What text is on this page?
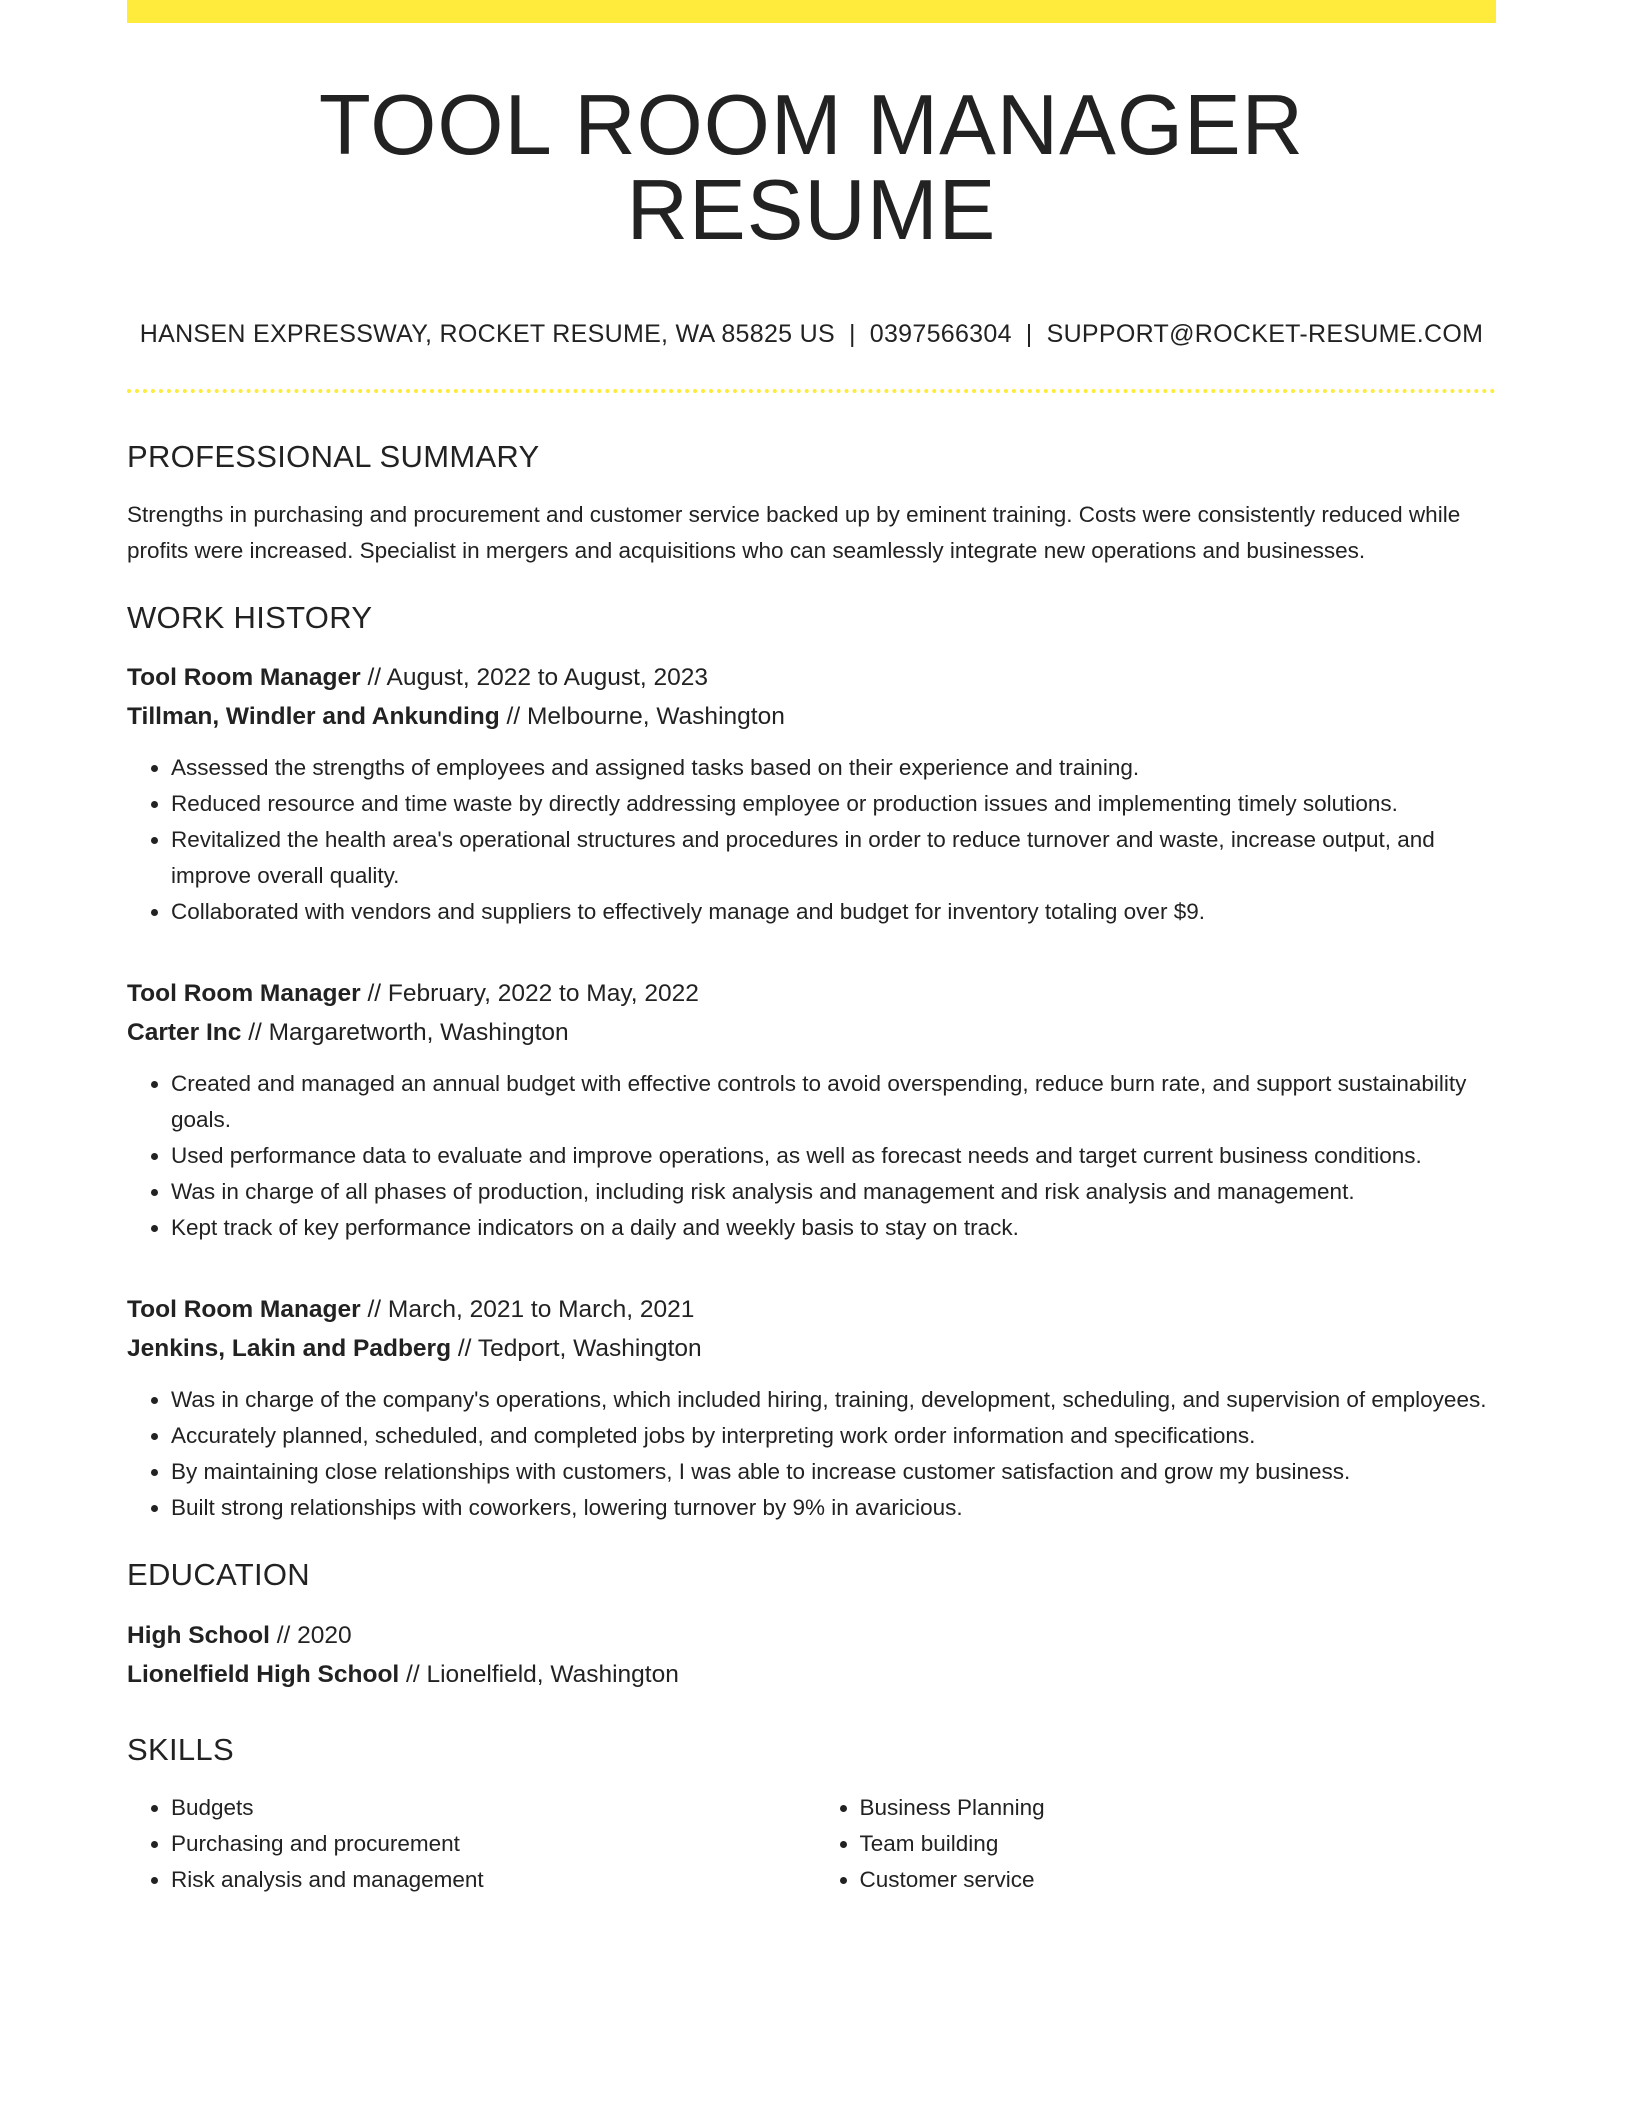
TOOL ROOM MANAGER RESUME
HANSEN EXPRESSWAY, ROCKET RESUME, WA 85825 US | 0397566304 | SUPPORT@ROCKET-RESUME.COM
PROFESSIONAL SUMMARY
Strengths in purchasing and procurement and customer service backed up by eminent training. Costs were consistently reduced while profits were increased. Specialist in mergers and acquisitions who can seamlessly integrate new operations and businesses.
WORK HISTORY
Tool Room Manager // August, 2022 to August, 2023
Tillman, Windler and Ankunding // Melbourne, Washington
• Assessed the strengths of employees and assigned tasks based on their experience and training.
• Reduced resource and time waste by directly addressing employee or production issues and implementing timely solutions.
• Revitalized the health area's operational structures and procedures in order to reduce turnover and waste, increase output, and improve overall quality.
• Collaborated with vendors and suppliers to effectively manage and budget for inventory totaling over $9.
Tool Room Manager // February, 2022 to May, 2022
Carter Inc // Margaretworth, Washington
• Created and managed an annual budget with effective controls to avoid overspending, reduce burn rate, and support sustainability goals.
• Used performance data to evaluate and improve operations, as well as forecast needs and target current business conditions.
• Was in charge of all phases of production, including risk analysis and management and risk analysis and management.
• Kept track of key performance indicators on a daily and weekly basis to stay on track.
Tool Room Manager // March, 2021 to March, 2021
Jenkins, Lakin and Padberg // Tedport, Washington
• Was in charge of the company's operations, which included hiring, training, development, scheduling, and supervision of employees.
• Accurately planned, scheduled, and completed jobs by interpreting work order information and specifications.
• By maintaining close relationships with customers, I was able to increase customer satisfaction and grow my business.
• Built strong relationships with coworkers, lowering turnover by 9% in avaricious.
EDUCATION
High School // 2020
Lionelfield High School // Lionelfield, Washington
SKILLS
• Budgets
• Purchasing and procurement
• Risk analysis and management
• Business Planning
• Team building
• Customer service
